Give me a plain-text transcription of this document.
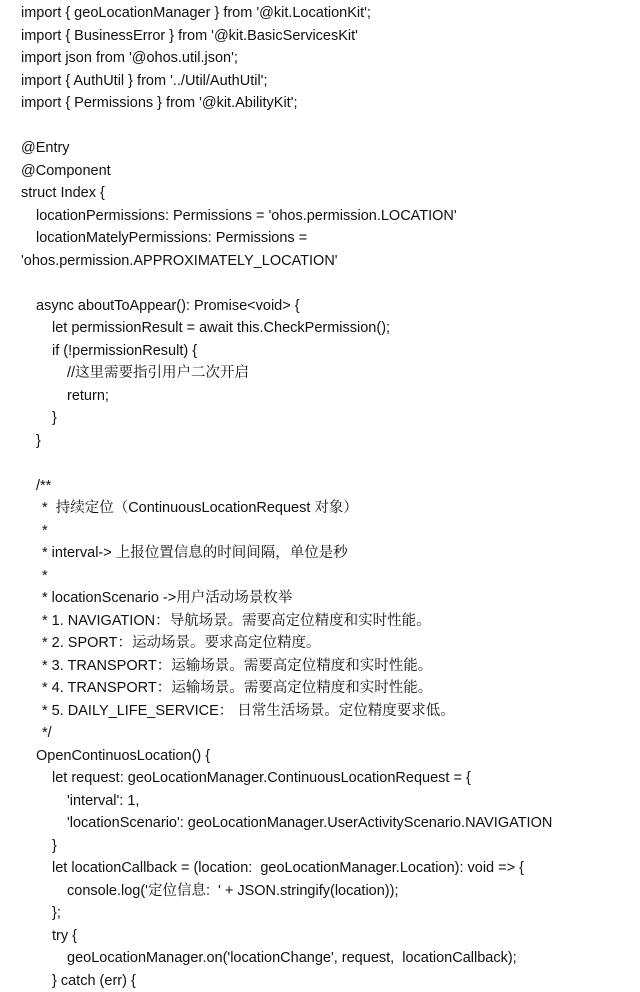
import { geoLocationManager } from '@kit.LocationKit';
import { BusinessError } from '@kit.BasicServicesKit'
import json from '@ohos.util.json';
import { AuthUtil } from '../Util/AuthUtil';
import { Permissions } from '@kit.AbilityKit';
@Entry
@Component
struct Index {
locationPermissions: Permissions = 'ohos.permission.LOCATION'
locationMatelyPermissions: Permissions =
'ohos.permission.APPROXIMATELY_LOCATION'
async aboutToAppear(): Promise<void> {
let permissionResult = await this.CheckPermission();
if (!permissionResult) {
//这里需要指引用户二次开启
return;
}
}
/**
*  持续定位（ContinuousLocationRequest 对象）
*
* interval-> 上报位置信息的时间间隔，单位是秒
*
* locationScenario ->用户活动场景枚举
* 1. NAVIGATION：导航场景。需要高定位精度和实时性能。
* 2. SPORT：运动场景。要求高定位精度。
* 3. TRANSPORT：运输场景。需要高定位精度和实时性能。
* 4. TRANSPORT：运输场景。需要高定位精度和实时性能。
* 5. DAILY_LIFE_SERVICE： 日常生活场景。定位精度要求低。
*/
OpenContinuosLocation() {
let request: geoLocationManager.ContinuousLocationRequest = {
'interval': 1,
'locationScenario': geoLocationManager.UserActivityScenario.NAVIGATION
}
let locationCallback = (location:  geoLocationManager.Location): void => {
console.log('定位信息:  ' + JSON.stringify(location));
};
try {
geoLocationManager.on('locationChange', request,  locationCallback);
} catch (err) {
